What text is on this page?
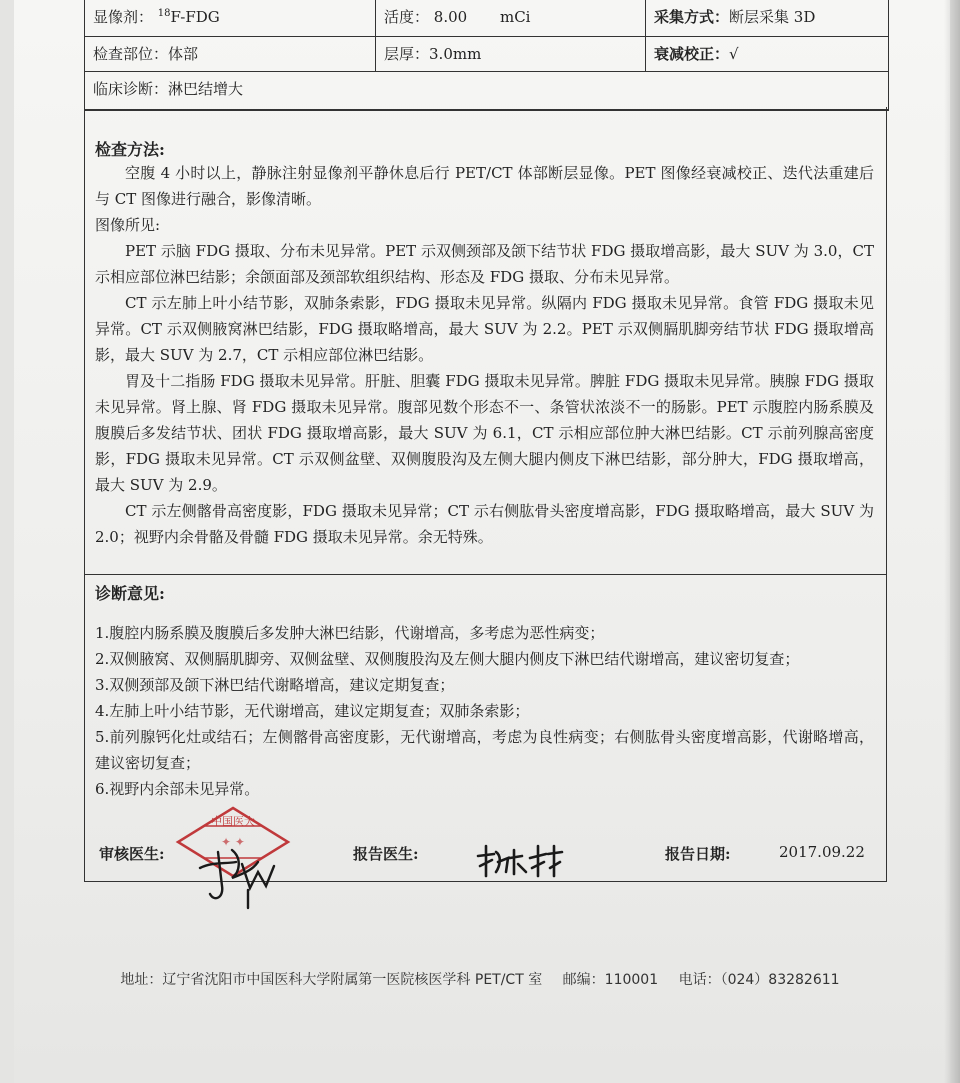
显像剂： $^{18}$F-FDG	活度： 8.00 mCi	采集方式：断层采集 3D
检查部位：体部	层厚：3.0mm	衰减校正：√
临床诊断：淋巴结增大

检查方法:

空腹 4 小时以上，静脉注射显像剂平静休息后行 PET/CT 体部断层显像。PET 图像经衰减校正、迭代法重建后与 CT 图像进行融合，影像清晰。

图像所见:

PET 示脑 FDG 摄取、分布未见异常。PET 示双侧颈部及颌下结节状 FDG 摄取增高影，最大 SUV 为 3.0，CT 示相应部位淋巴结影；余颌面部及颈部软组织结构、形态及 FDG 摄取、分布未见异常。

CT 示左肺上叶小结节影，双肺条索影，FDG 摄取未见异常。纵隔内 FDG 摄取未见异常。食管 FDG 摄取未见异常。CT 示双侧腋窝淋巴结影，FDG 摄取略增高，最大 SUV 为 2.2。PET 示双侧膈肌脚旁结节状 FDG 摄取增高影，最大 SUV 为 2.7，CT 示相应部位淋巴结影。

胃及十二指肠 FDG 摄取未见异常。肝脏、胆囊 FDG 摄取未见异常。脾脏 FDG 摄取未见异常。胰腺 FDG 摄取未见异常。肾上腺、肾 FDG 摄取未见异常。腹部见数个形态不一、条管状浓淡不一的肠影。PET 示腹腔内肠系膜及腹膜后多发结节状、团状 FDG 摄取增高影，最大 SUV 为 6.1，CT 示相应部位肿大淋巴结影。CT 示前列腺高密度影，FDG 摄取未见异常。CT 示双侧盆壁、双侧腹股沟及左侧大腿内侧皮下淋巴结影，部分肿大，FDG 摄取增高，最大 SUV 为 2.9。

CT 示左侧髂骨高密度影，FDG 摄取未见异常；CT 示右侧肱骨头密度增高影，FDG 摄取略增高，最大 SUV 为 2.0；视野内余骨骼及骨髓 FDG 摄取未见异常。余无特殊。

诊断意见:

1.腹腔内肠系膜及腹膜后多发肿大淋巴结影，代谢增高，多考虑为恶性病变；

2.双侧腋窝、双侧膈肌脚旁、双侧盆壁、双侧腹股沟及左侧大腿内侧皮下淋巴结代谢增高，建议密切复查；

3.双侧颈部及颌下淋巴结代谢略增高，建议定期复查；

4.左肺上叶小结节影，无代谢增高，建议定期复查；双肺条索影；

5.前列腺钙化灶或结石；左侧髂骨高密度影，无代谢增高，考虑为良性病变；右侧肱骨头密度增高影，代谢略增高，建议密切复查；

6.视野内余部未见异常。

审核医生:	报告医生:	报告日期:	2017.09.22
中国医大
✦ ✦
地址：辽宁省沈阳市中国医科大学附属第一医院核医学科 PET/CT 室 邮编：110001 电话：（024）83282611
